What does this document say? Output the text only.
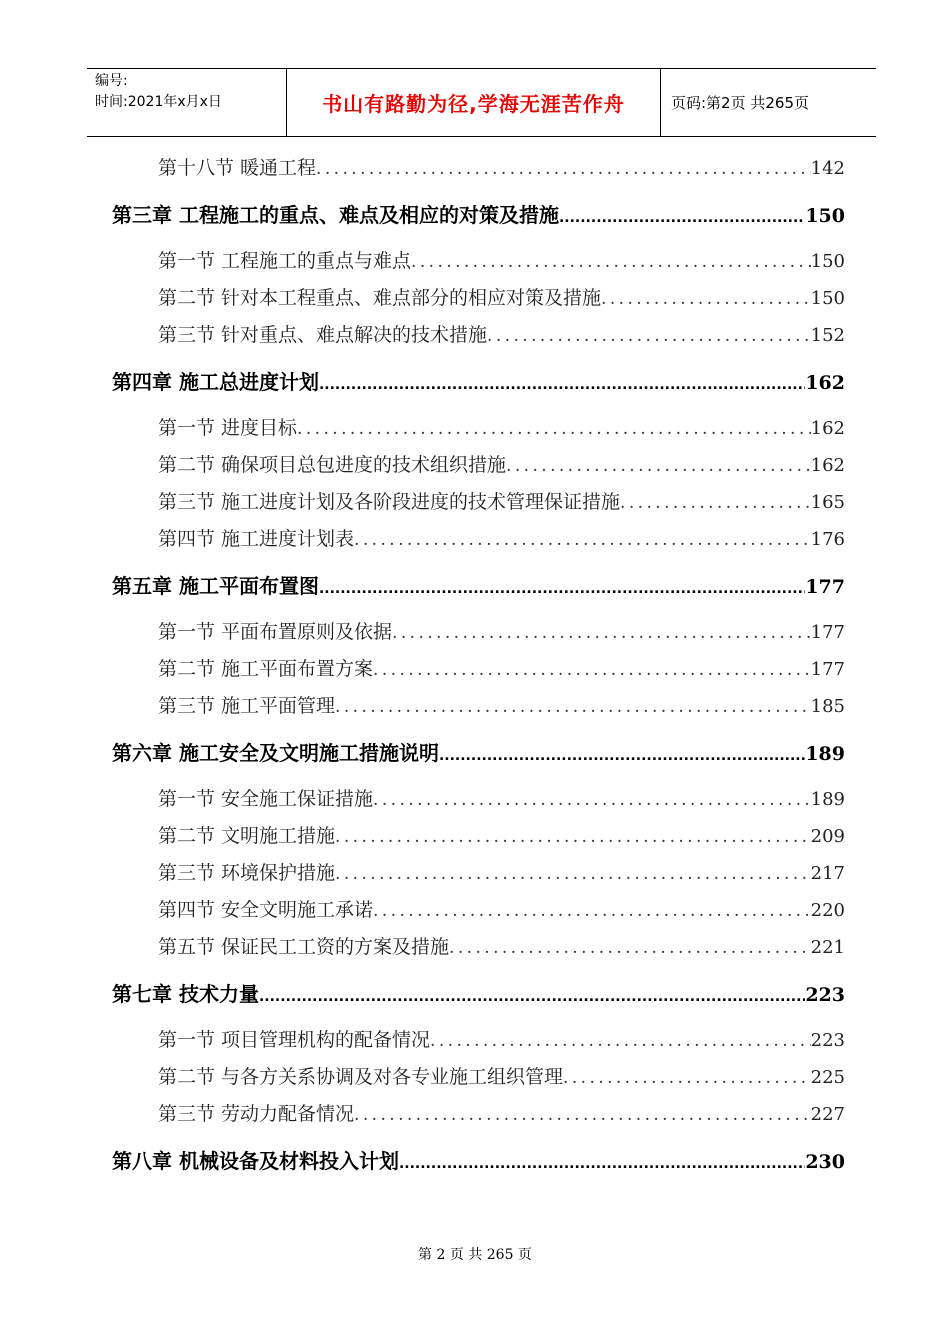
编号:
时间:2021年x月x日	书山有路勤为径,学海无涯苦作舟	页码:第2页 共265页
第十八节 暖通工程 .....	142
第三章 工程施工的重点、难点及相应的对策及措施 .....	150
第一节 工程施工的重点与难点 .....	150
第二节 针对本工程重点、难点部分的相应对策及措施 .....	150
第三节 针对重点、难点解决的技术措施 .....	152
第四章 施工总进度计划 .....	162
第一节 进度目标 .....	162
第二节 确保项目总包进度的技术组织措施 .....	162
第三节 施工进度计划及各阶段进度的技术管理保证措施 .....	165
第四节 施工进度计划表 .....	176
第五章 施工平面布置图 .....	177
第一节 平面布置原则及依据 .....	177
第二节 施工平面布置方案 .....	177
第三节 施工平面管理 .....	185
第六章 施工安全及文明施工措施说明 .....	189
第一节 安全施工保证措施 .....	189
第二节 文明施工措施 .....	209
第三节 环境保护措施 .....	217
第四节 安全文明施工承诺 .....	220
第五节 保证民工工资的方案及措施 .....	221
第七章 技术力量 .....	223
第一节 项目管理机构的配备情况 .....	223
第二节 与各方关系协调及对各专业施工组织管理 .....	225
第三节 劳动力配备情况 .....	227
第八章 机械设备及材料投入计划 .....	230
第 2 页 共 265 页
